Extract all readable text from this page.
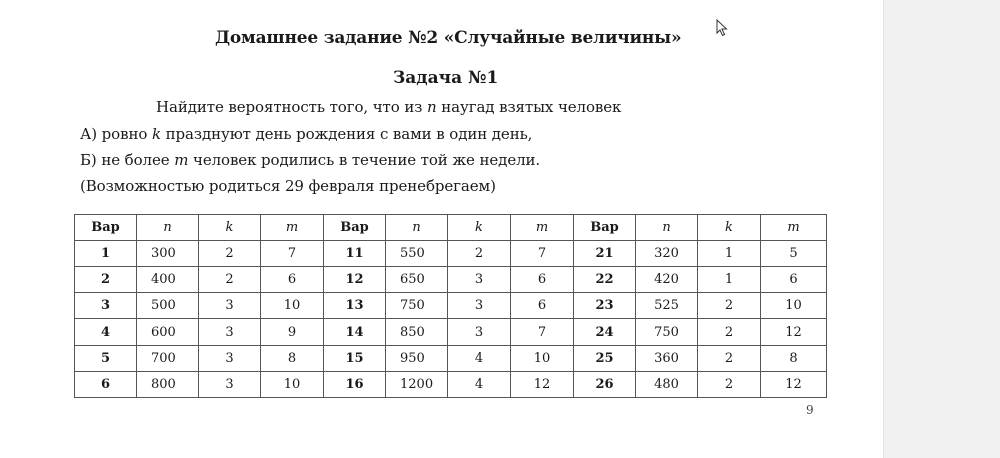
Домашнее задание №2 «Случайные величины»
Задача №1
Найдите вероятность того, что из n наугад взятых человек
А) ровно k празднуют день рождения с вами в один день,
Б) не более m человек родились в течение той же недели.
(Возможностью родиться 29 февраля пренебрегаем)
Вар	n	k	m	Вар	n	k	m	Вар	n	k	m
1	300	2	7	11	550	2	7	21	320	1	5
2	400	2	6	12	650	3	6	22	420	1	6
3	500	3	10	13	750	3	6	23	525	2	10
4	600	3	9	14	850	3	7	24	750	2	12
5	700	3	8	15	950	4	10	25	360	2	8
6	800	3	10	16	1200	4	12	26	480	2	12
9
